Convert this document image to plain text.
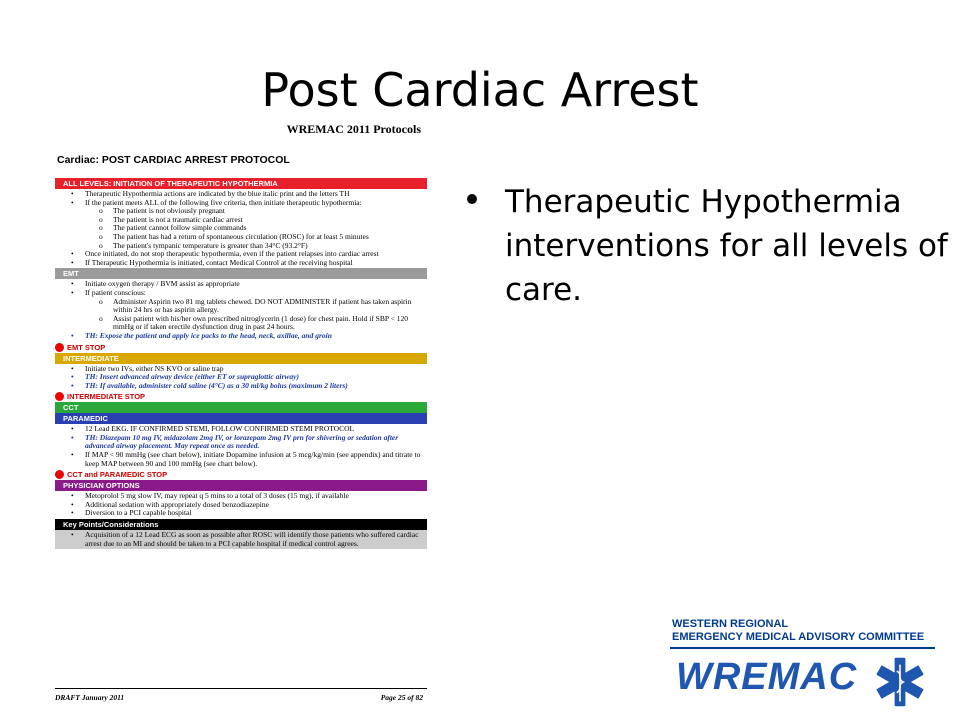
Post Cardiac Arrest
Therapeutic Hypothermia interventions for all levels of care.
WREMAC 2011 Protocols
Cardiac: POST CARDIAC ARREST PROTOCOL
ALL LEVELS: INITIATION OF THERAPEUTIC HYPOTHERMIA
• Therapeutic Hypothermia actions are indicated by the blue italic print and the letters TH
• If the patient meets ALL of the following five criteria, then initiate therapeutic hypothermia:
o The patient is not obviously pregnant
o The patient is not a traumatic cardiac arrest
o The patient cannot follow simple commands
o The patient has had a return of spontaneous circulation (ROSC) for at least 5 minutes
o The patient's tympanic temperature is greater than 34°C (93.2°F)
• Once initiated, do not stop therapeutic hypothermia, even if the patient relapses into cardiac arrest
• If Therapeutic Hypothermia is initiated, contact Medical Control at the receiving hospital
EMT
• Initiate oxygen therapy / BVM assist as appropriate
• If patient conscious:
o Administer Aspirin two 81 mg tablets chewed. DO NOT ADMINISTER if patient has taken aspirin within 24 hrs or has aspirin allergy.
o Assist patient with his/her own prescribed nitroglycerin (1 dose) for chest pain. Hold if SBP < 120 mmHg or if taken erectile dysfunction drug in past 24 hours.
• TH: Expose the patient and apply ice packs to the head, neck, axillae, and groin
EMT STOP
INTERMEDIATE
• Initiate two IVs, either NS KVO or saline trap
• TH: Insert advanced airway device (either ET or supraglottic airway)
• TH: If available, administer cold saline (4°C) as a 30 ml/kg bolus (maximum 2 liters)
INTERMEDIATE STOP
CCT
PARAMEDIC
• 12 Lead EKG. IF CONFIRMED STEMI, FOLLOW CONFIRMED STEMI PROTOCOL
• TH: Diazepam 10 mg IV, midazolam 2mg IV, or lorazepam 2mg IV prn for shivering or sedation after advanced airway placement. May repeat once as needed.
• If MAP < 90 mmHg (see chart below), initiate Dopamine infusion at 5 mcg/kg/min (see appendix) and titrate to keep MAP between 90 and 100 mmHg (see chart below).
CCT and PARAMEDIC STOP
PHYSICIAN OPTIONS
• Metoprolol 5 mg slow IV, may repeat q 5 mins to a total of 3 doses (15 mg), if available
• Additional sedation with appropriately dosed benzodiazepine
• Diversion to a PCI capable hospital
Key Points/Considerations
• Acquisition of a 12 Lead ECG as soon as possible after ROSC will identify those patients who suffered cardiac arrest due to an MI and should be taken to a PCI capable hospital if medical control agrees.
DRAFT January 2011	Page 25 of 82
WESTERN REGIONAL
EMERGENCY MEDICAL ADVISORY COMMITTEE
WREMAC
